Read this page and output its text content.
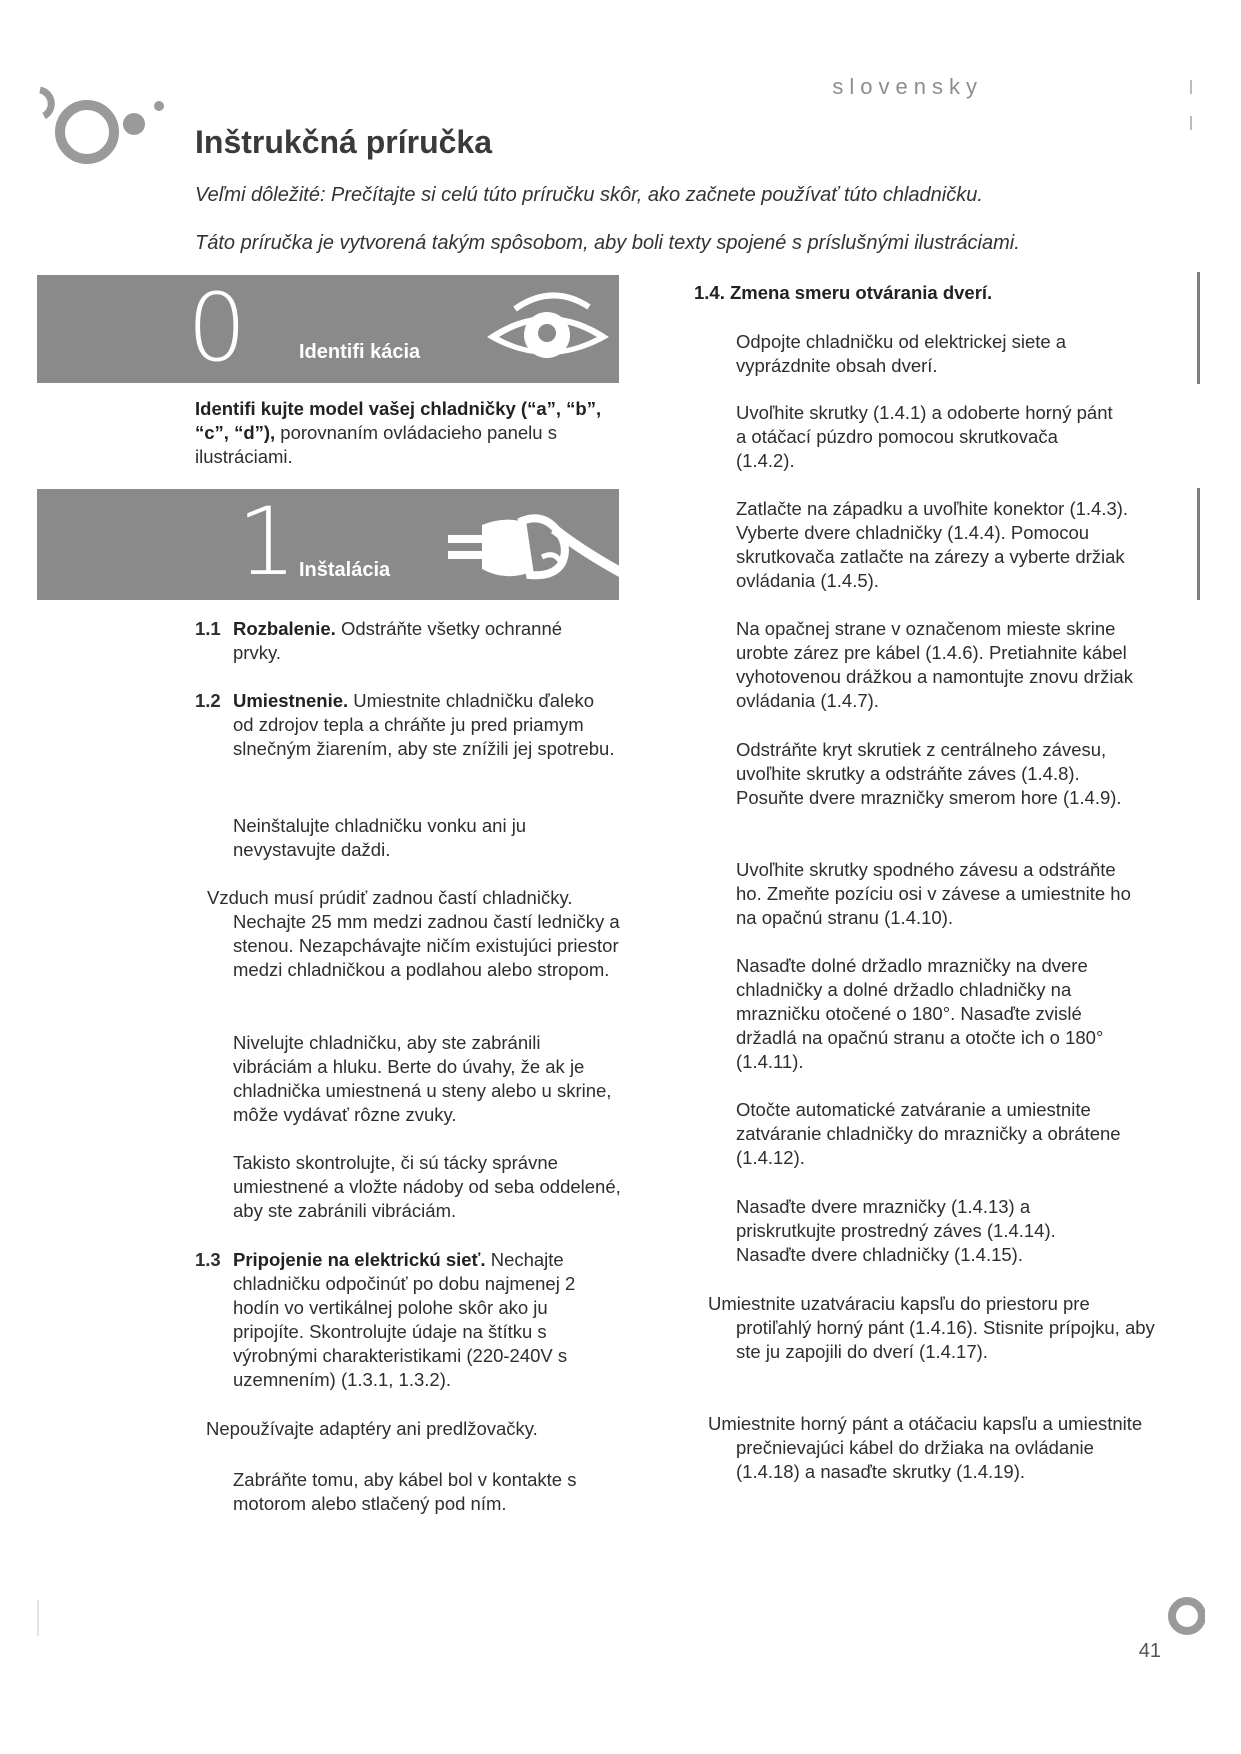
slovensky
Inštrukčná príručka
Veľmi dôležité: Prečítajte si celú túto príručku skôr, ako začnete používať túto chladničku.
Táto príručka je vytvorená takým spôsobom, aby boli texty spojené s príslušnými ilustráciami.
0	Identifi kácia
Identifi kujte model vašej chladničky (“a”, “b”, “c”, “d”), porovnaním ovládacieho panelu s ilustráciami.
1 Inštalácia
1.1 Rozbalenie. Odstráňte všetky ochranné prvky.
1.2 Umiestnenie. Umiestnite chladničku ďaleko od zdrojov tepla a chráňte ju pred priamym slnečným žiarením, aby ste znížili jej spotrebu.
Neinštalujte chladničku vonku ani ju nevystavujte daždi.
Vzduch musí prúdiť zadnou častí chladničky. Nechajte 25 mm medzi zadnou častí ledničky a stenou. Nezapchávajte ničím existujúci priestor medzi chladničkou a podlahou alebo stropom.
Nivelujte chladničku, aby ste zabránili vibráciám a hluku. Berte do úvahy, že ak je chladnička umiestnená u steny alebo u skrine, môže vydávať rôzne zvuky.
Takisto skontrolujte, či sú tácky správne umiestnené a vložte nádoby od seba oddelené, aby ste zabránili vibráciám.
1.3 Pripojenie na elektrickú sieť. Nechajte chladničku odpočinúť po dobu najmenej 2 hodín vo vertikálnej polohe skôr ako ju pripojíte. Skontrolujte údaje na štítku s výrobnými charakteristikami (220-240V s uzemnením) (1.3.1, 1.3.2).
Nepoužívajte adaptéry ani predlžovačky.
Zabráňte tomu, aby kábel bol v kontakte s motorom alebo stlačený pod ním.
1.4. Zmena smeru otvárania dverí.
Odpojte chladničku od elektrickej siete a vyprázdnite obsah dverí.
Uvoľhite skrutky (1.4.1) a odoberte horný pánt a otáčací púzdro pomocou skrutkovača (1.4.2).
Zatlačte na západku a uvoľhite konektor (1.4.3). Vyberte dvere chladničky (1.4.4). Pomocou skrutkovača zatlačte na zárezy a vyberte držiak ovládania (1.4.5).
Na opačnej strane v označenom mieste skrine urobte zárez pre kábel (1.4.6). Pretiahnite kábel vyhotovenou drážkou a namontujte znovu držiak ovládania (1.4.7).
Odstráňte kryt skrutiek z centrálneho závesu, uvoľhite skrutky a odstráňte záves (1.4.8). Posuňte dvere mrazničky smerom hore (1.4.9).
Uvoľhite skrutky spodného závesu a odstráňte ho. Zmeňte pozíciu osi v závese a umiestnite ho na opačnú stranu (1.4.10).
Nasaďte dolné držadlo mrazničky na dvere chladničky a dolné držadlo chladničky na mrazničku otočené o 180°. Nasaďte zvislé držadlá na opačnú stranu a otočte ich o 180° (1.4.11).
Otočte automatické zatváranie a umiestnite zatváranie chladničky do mrazničky a obrátene (1.4.12).
Nasaďte dvere mrazničky (1.4.13) a priskrutkujte prostredný záves (1.4.14). Nasaďte dvere chladničky (1.4.15).
Umiestnite uzatváraciu kapsľu do priestoru pre protiľahlý horný pánt (1.4.16). Stisnite prípojku, aby ste ju zapojili do dverí (1.4.17).
Umiestnite horný pánt a otáčaciu kapsľu a umiestnite prečnievajúci kábel do držiaka na ovládanie (1.4.18) a nasaďte skrutky (1.4.19).
41
